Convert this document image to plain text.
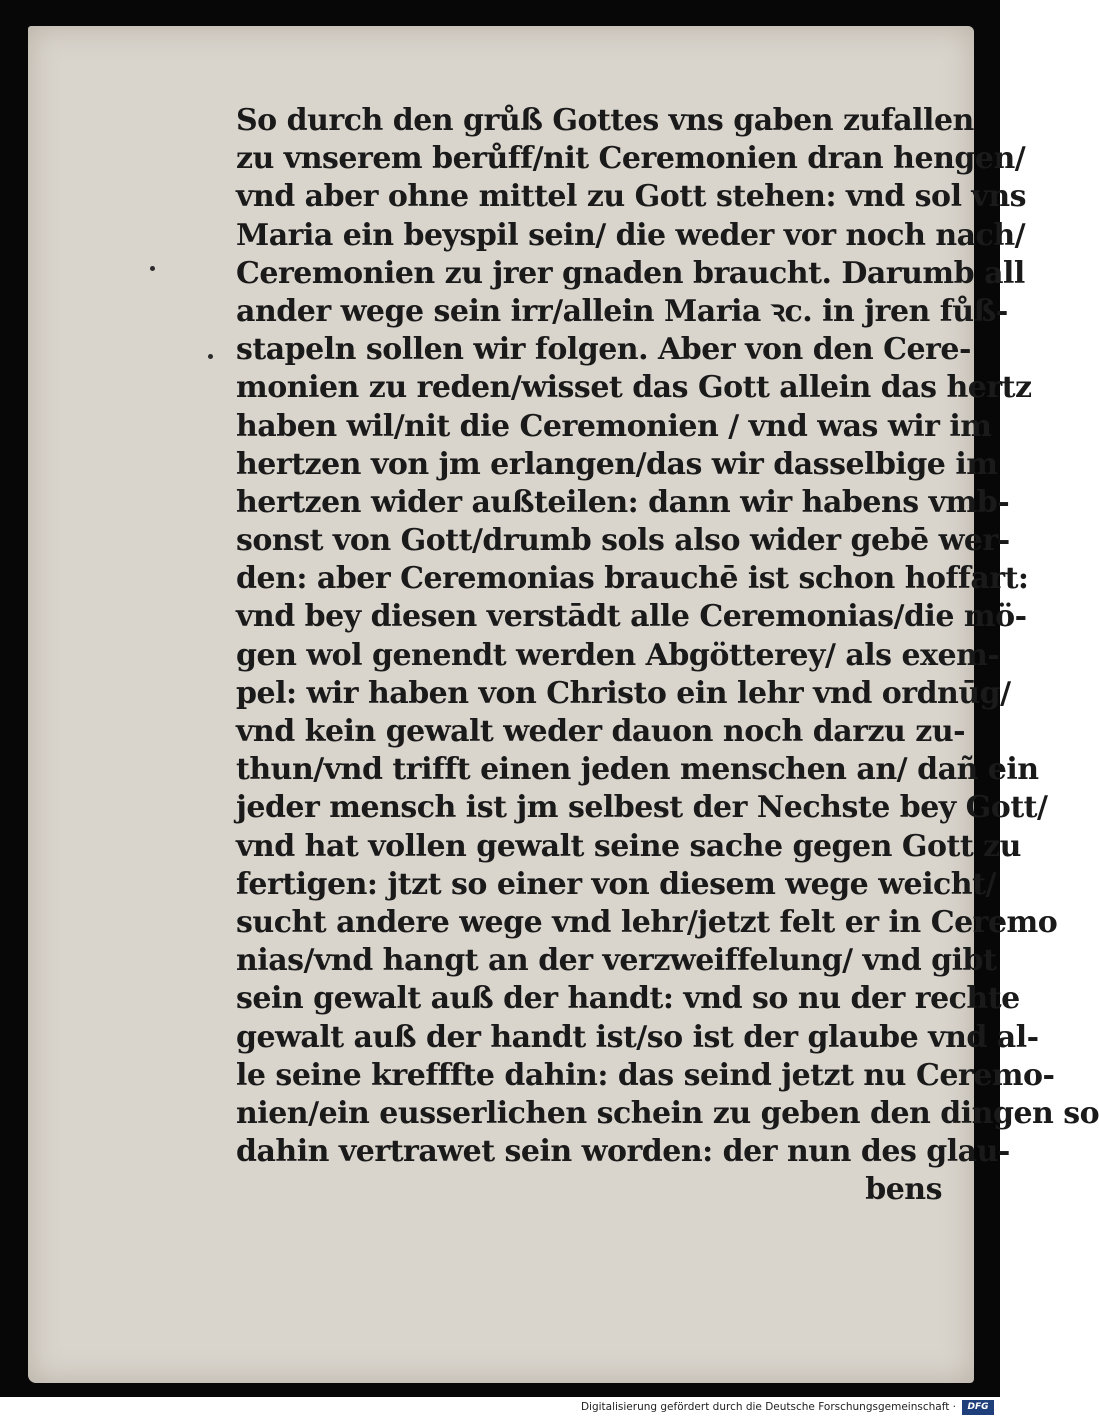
So durch den grůß Gottes vns gaben zufallen
zu vnserem berůff/nit Ceremonien dran hengen/
vnd aber ohne mittel zu Gott stehen: vnd sol vns
Maria ein beyspil sein/ die weder vor noch nach/
Ceremonien zu jrer gnaden braucht. Darumb all
ander wege sein irr/allein Maria ꝛc. in jren fůß-
stapeln sollen wir folgen. Aber von den Cere-
monien zu reden/wisset das Gott allein das hertz
haben wil/nit die Ceremonien / vnd was wir im
hertzen von jm erlangen/das wir dasselbige im
hertzen wider außteilen: dann wir habens vmb-
sonst von Gott/drumb sols also wider gebē wer-
den: aber Ceremonias brauchē ist schon hoffart:
vnd bey diesen verstādt alle Ceremonias/die mö-
gen wol genendt werden Abgötterey/ als exem-
pel: wir haben von Christo ein lehr vnd ordnūg/
vnd kein gewalt weder dauon noch darzu zu-
thun/vnd trifft einen jeden menschen an/ dañ ein
jeder mensch ist jm selbest der Nechste bey Gott/
vnd hat vollen gewalt seine sache gegen Gott zu
fertigen: jtzt so einer von diesem wege weicht/
sucht andere wege vnd lehr/jetzt felt er in Ceremo
nias/vnd hangt an der verzweiffelung/ vnd gibt
sein gewalt auß der handt: vnd so nu der rechte
gewalt auß der handt ist/so ist der glaube vnd al-
le seine krefffte dahin: das seind jetzt nu Ceremo-
nien/ein eusserlichen schein zu geben den dingen so
dahin vertrawet sein worden: der nun des glau-
bens
Digitalisierung gefördert durch die Deutsche Forschungsgemeinschaft ·	DFG
